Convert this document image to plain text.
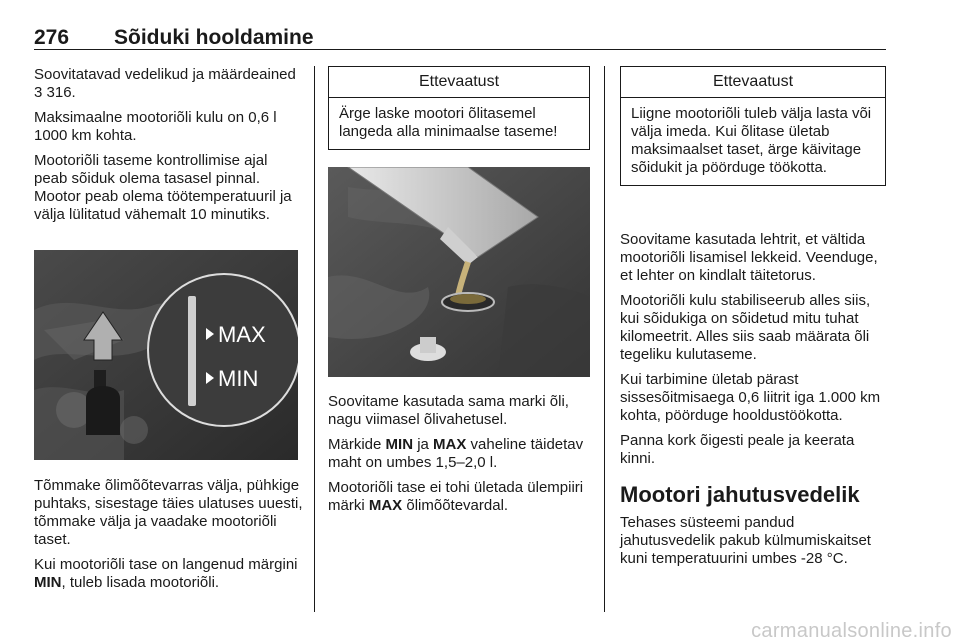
276 Sõiduki hooldamine

Soovitatavad vedelikud ja määrdeained 3 316.

Maksimaalne mootoriõli kulu on 0,6 l 1000 km kohta.

Mootoriõli taseme kontrollimise ajal peab sõiduk olema tasasel pinnal. Mootor peab olema töötemperatuuril ja välja lülitatud vähemalt 10 minutiks.

MAX
MIN

Tõmmake õlimõõtevarras välja, pühkige puhtaks, sisestage täies ulatuses uuesti, tõmmake välja ja vaadake mootoriõli taset.

Kui mootoriõli tase on langenud märgini MIN, tuleb lisada mootoriõli.

Ettevaatust
Ärge laske mootori õlitasemel langeda alla minimaalse taseme!

Soovitame kasutada sama marki õli, nagu viimasel õlivahetusel.

Märkide MIN ja MAX vaheline täidetav maht on umbes 1,5–2,0 l.

Mootoriõli tase ei tohi ületada ülempiiri märki MAX õlimõõtevardal.

Ettevaatust
Liigne mootoriõli tuleb välja lasta või välja imeda. Kui õlitase ületab maksimaalset taset, ärge käivitage sõidukit ja pöörduge töökotta.

Soovitame kasutada lehtrit, et vältida mootoriõli lisamisel lekkeid. Veenduge, et lehter on kindlalt täitetorus.

Mootoriõli kulu stabiliseerub alles siis, kui sõidukiga on sõidetud mitu tuhat kilomeetrit. Alles siis saab määrata õli tegeliku kulutaseme.

Kui tarbimine ületab pärast sissesõitmisaega 0,6 liitrit iga 1.000 km kohta, pöörduge hooldustöökotta.

Panna kork õigesti peale ja keerata kinni.

Mootori jahutusvedelik

Tehases süsteemi pandud jahutusvedelik pakub külmumiskaitset kuni temperatuurini umbes -28 °C.

carmanualsonline.info
